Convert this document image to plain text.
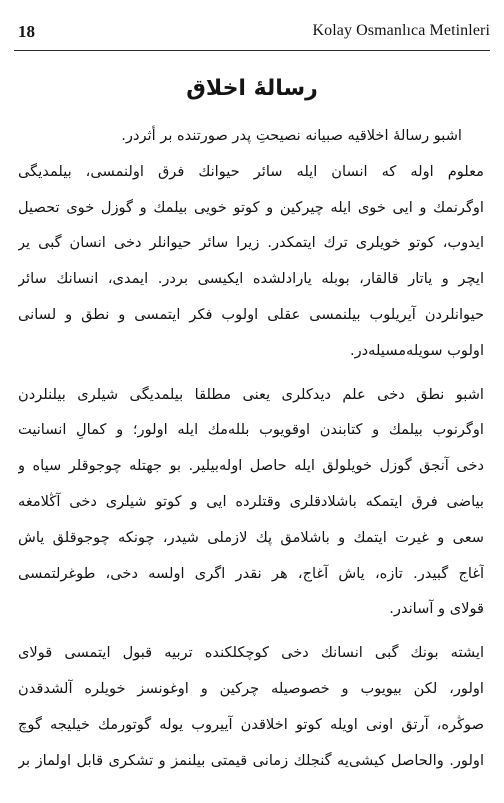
18	Kolay Osmanlıca Metinleri
رسالۀ اخلاق
اشبو رسالۀ اخلاقیه صبیانه نصیحتِ پدر صورتنده بر أثردر.
معلوم اوله که انسان ایله سائر حیوانك فرق اولنمسی، بیلمدیگی
اوگرنمك و ایی خوی ایله چیركین و كوتو خویی بیلمك و گوزل خوی تحصیل
ایدوب، كوتو خویلری ترك ایتمكدر. زیرا سائر حیوانلر دخی انسان گبی یر
ایچر و یاتار قالقار، بوبله یارادلشده ایكیسی بردر. ایمدی، انسانك سائر
حیوانلردن آیریلوب بیلنمسی عقلی اولوب فكر ایتمسی و نطق و لسانی
اولوب سویله‌مسیله‌در.
اشبو نطق دخی علم دیدكلری یعنی مطلقا بیلمدیگی شیلری بیلنلردن
اوگرنوب بیلمك و كتابندن اوقویوب بللەمك ایله اولور؛ و كمالِ انسانیت
دخی آنجق گوزل خویلولق ایله حاصل اوله‌بیلیر. بو جهتله چوجوقلر سیاه و
بیاضی فرق ایتمكه باشلادقلری وقتلرده ایی و كوتو شیلری دخی آڭلامغه
سعی و غیرت ایتمك و باشلامق پك لازملی شیدر، چونكه چوجوقلق یاش
آغاج گبیدر. تازه، یاش آغاج، هر نقدر اگری اولسه دخی، طوغرلتمسی
قولای و آساندر.
ایشته بونك گبی انسانك دخی كوچكلكنده تربیه قبول ایتمسی قولای
اولور، لكن بیویوب و خصوصیله چركین و اوغونسز خویلره آلشدقدن
صوڭره، آرتق اونی اویله كوتو اخلاقدن آییروب یوله گوتورمك خیلیجه گوچ
اولور. والحاصل كیشی‌یه گنجلك زمانی قیمتی بیلنمز و تشكری قابل اولماز بر
